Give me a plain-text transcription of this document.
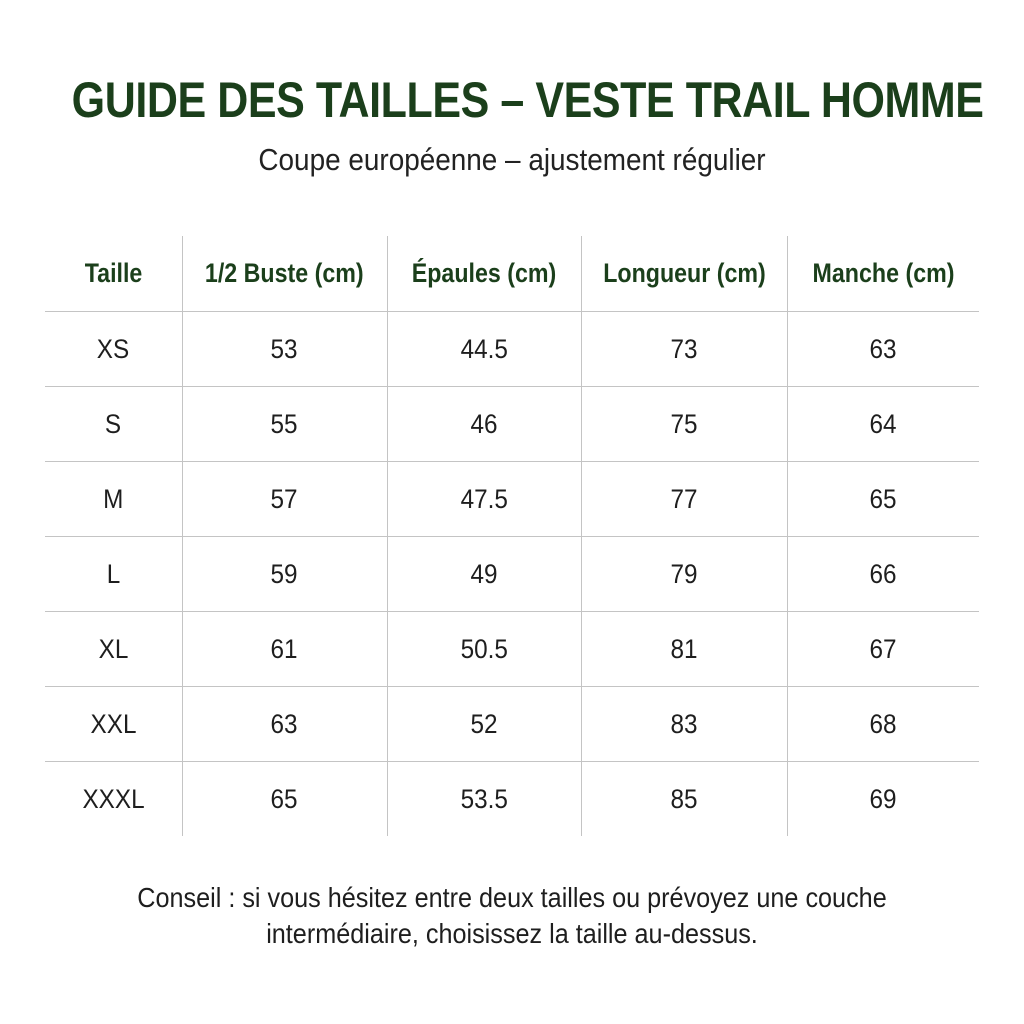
GUIDE DES TAILLES – VESTE TRAIL HOMME
Coupe européenne – ajustement régulier
Taille	1/2 Buste (cm)	Épaules (cm)	Longueur (cm)	Manche (cm)
XS	53	44.5	73	63
S	55	46	75	64
M	57	47.5	77	65
L	59	49	79	66
XL	61	50.5	81	67
XXL	63	52	83	68
XXXL	65	53.5	85	69
Conseil : si vous hésitez entre deux tailles ou prévoyez une couche
intermédiaire, choisissez la taille au-dessus.
